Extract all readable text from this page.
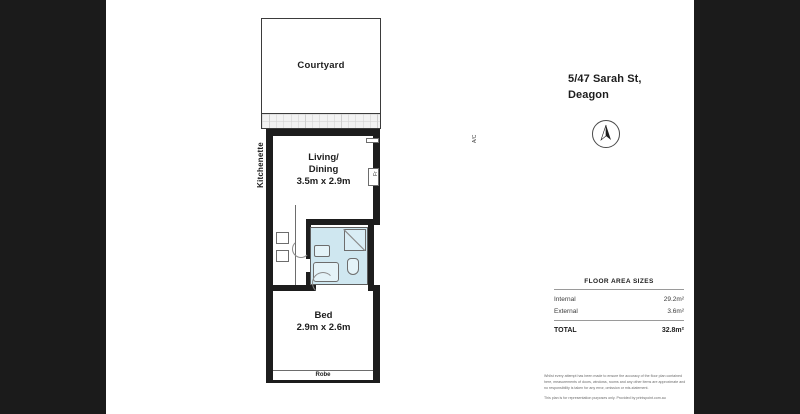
Courtyard
Living/
Dining
3.5m x 2.9m
Fr
A/C
Kitchenette
Bed
2.9m x 2.6m
Robe
5/47 Sarah St,
Deagon
FLOOR AREA SIZES
Internal	29.2m²
External	3.6m²
TOTAL	32.8m²
Whilst every attempt has been made to ensure the accuracy of the floor plan contained here, measurements of doors, windows, rooms and any other items are approximate and no responsibility is taken for any error, omission or mis-statement.
This plan is for representation purposes only. Provided by printspoint.com.au
